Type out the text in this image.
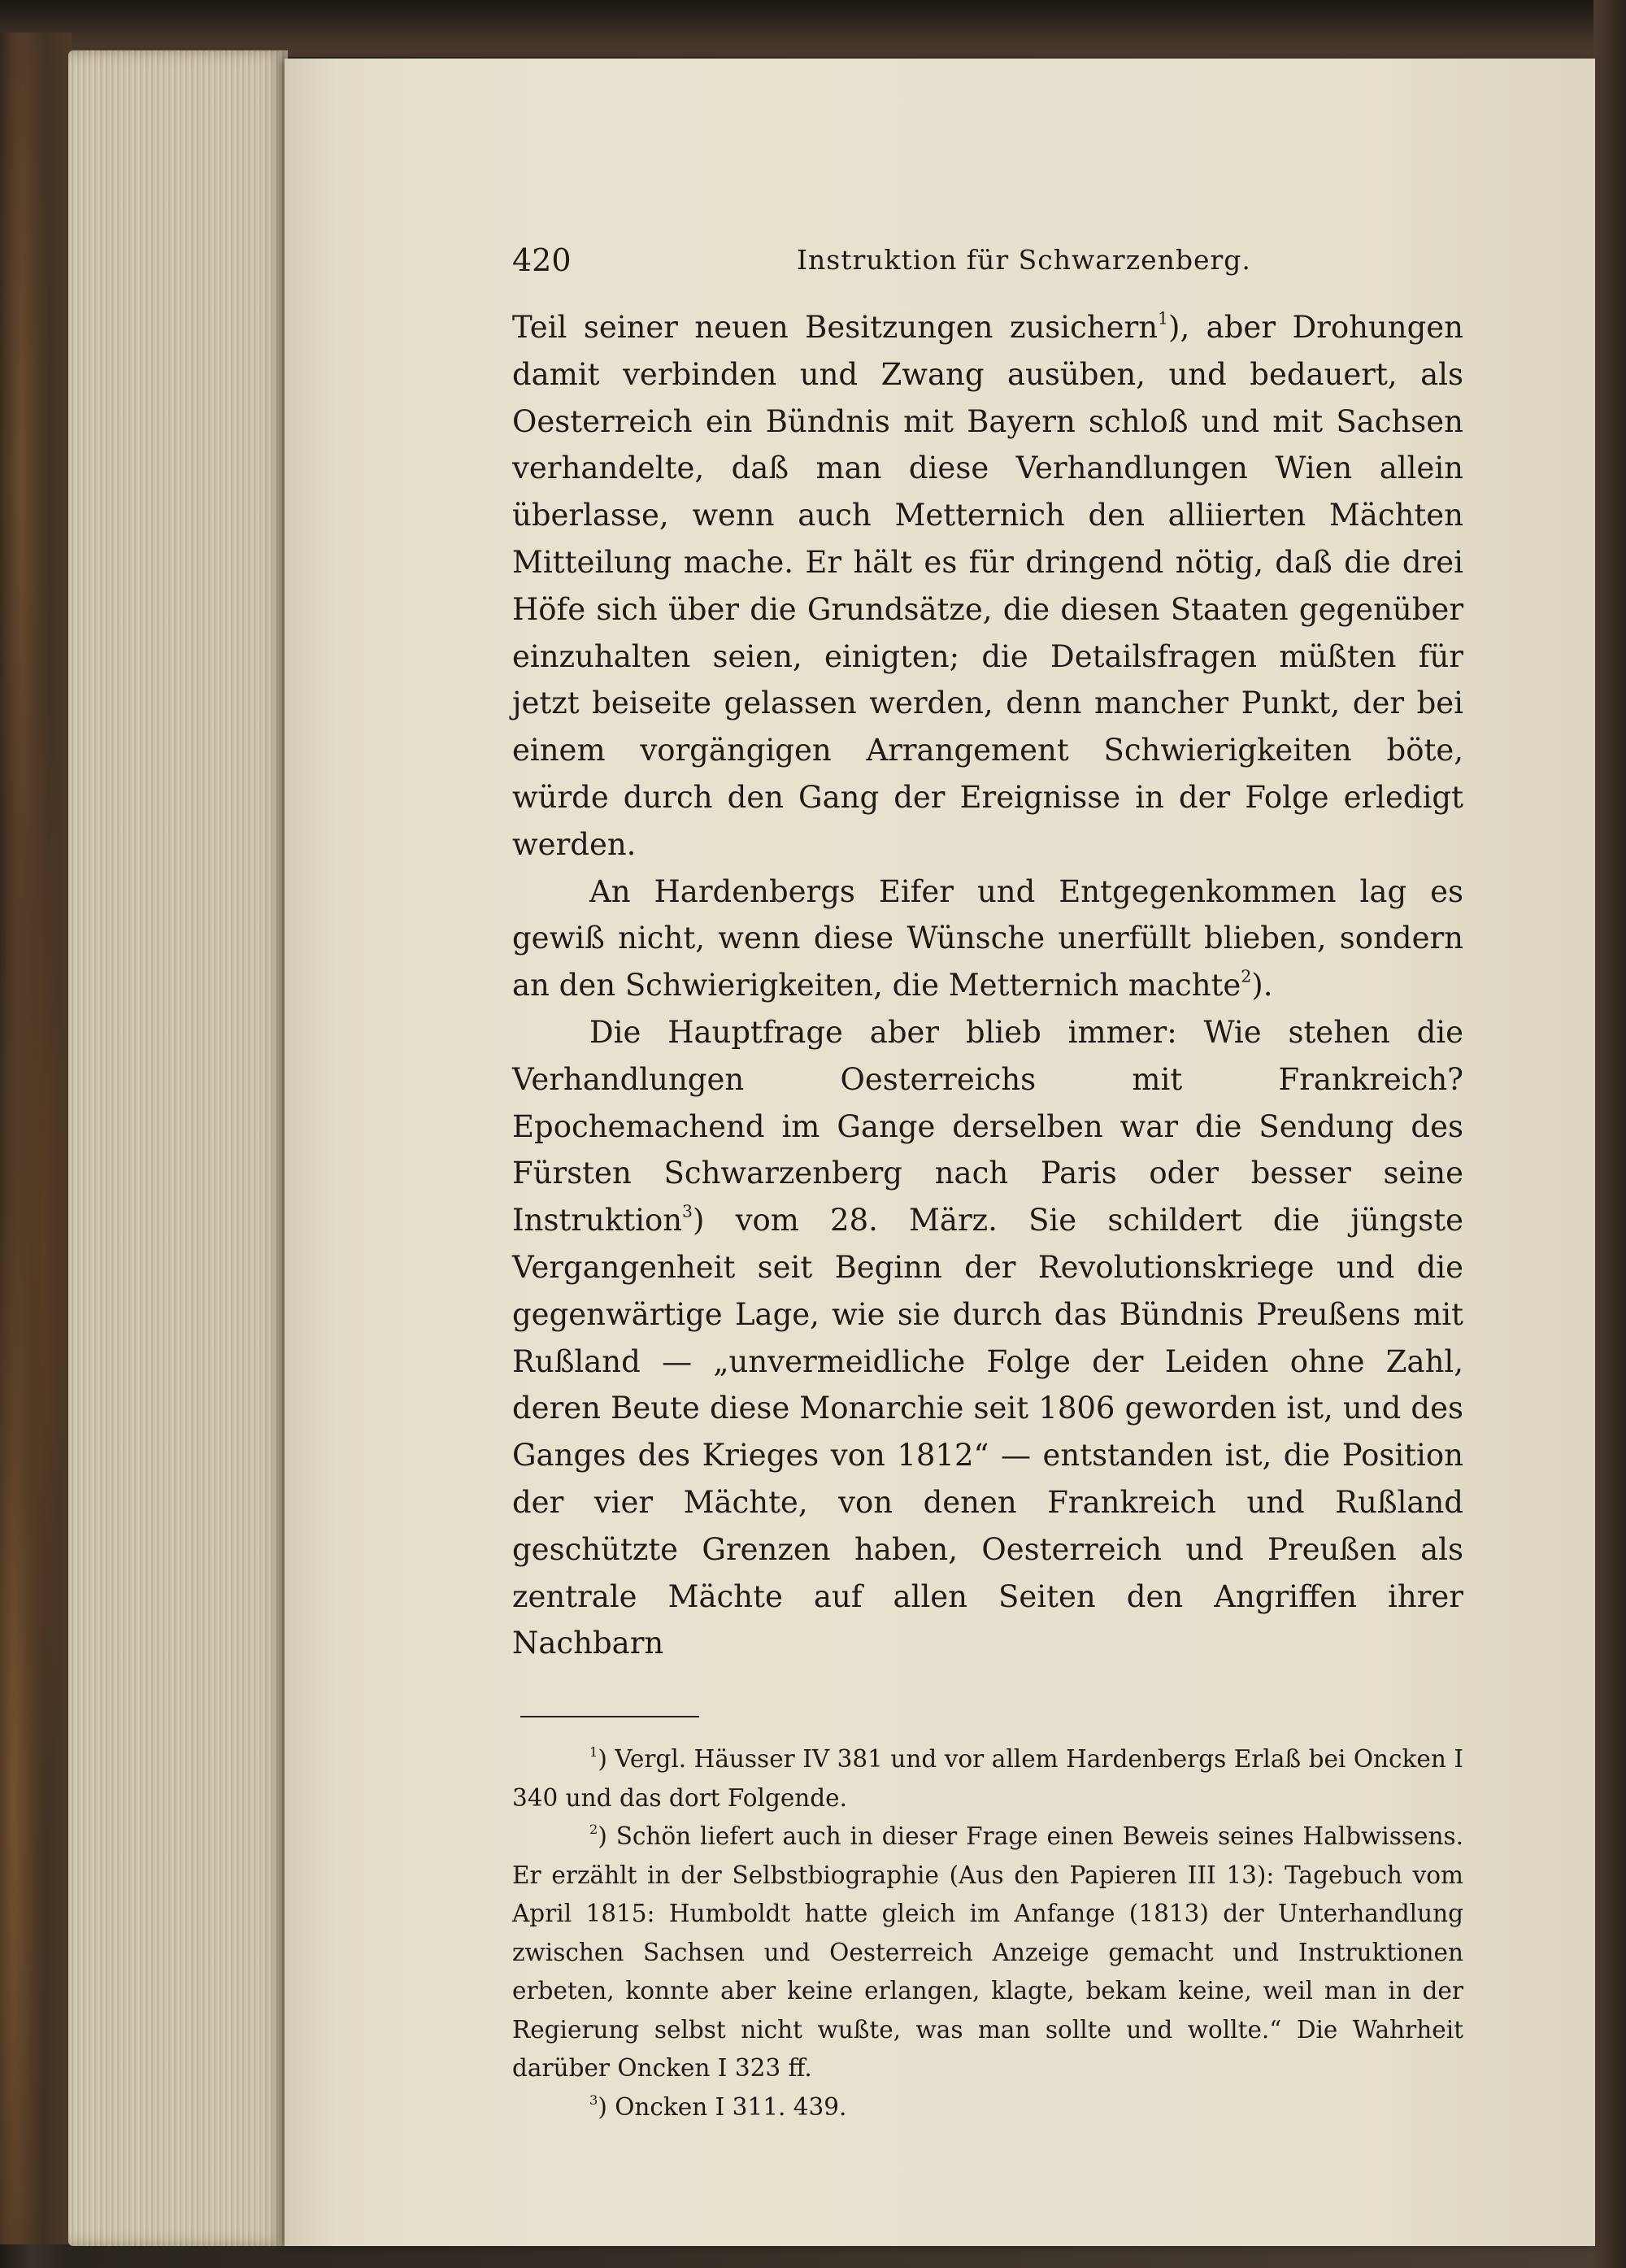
420	Instruktion für Schwarzenberg.

Teil seiner neuen Besitzungen zusichern$^1$), aber Drohungen damit verbinden und Zwang ausüben, und bedauert, als Oesterreich ein Bündnis mit Bayern schloß und mit Sachsen verhandelte, daß man diese Verhandlungen Wien allein überlasse, wenn auch Metternich den alliierten Mächten Mitteilung mache. Er hält es für dringend nötig, daß die drei Höfe sich über die Grundsätze, die diesen Staaten gegenüber einzuhalten seien, einigten; die Detailsfragen müßten für jetzt beiseite gelassen werden, denn mancher Punkt, der bei einem vorgängigen Arrangement Schwierigkeiten böte, würde durch den Gang der Ereignisse in der Folge erledigt werden.

An Hardenbergs Eifer und Entgegenkommen lag es gewiß nicht, wenn diese Wünsche unerfüllt blieben, sondern an den Schwierigkeiten, die Metternich machte$^2$).

Die Hauptfrage aber blieb immer: Wie stehen die Verhandlungen Oesterreichs mit Frankreich? Epochemachend im Gange derselben war die Sendung des Fürsten Schwarzenberg nach Paris oder besser seine Instruktion$^3$) vom 28. März. Sie schildert die jüngste Vergangenheit seit Beginn der Revolutionskriege und die gegenwärtige Lage, wie sie durch das Bündnis Preußens mit Rußland — „unvermeidliche Folge der Leiden ohne Zahl, deren Beute diese Monarchie seit 1806 geworden ist, und des Ganges des Krieges von 1812“ — entstanden ist, die Position der vier Mächte, von denen Frankreich und Rußland geschützte Grenzen haben, Oesterreich und Preußen als zentrale Mächte auf allen Seiten den Angriffen ihrer Nachbarn

$^1$) Vergl. Häusser IV 381 und vor allem Hardenbergs Erlaß bei Oncken I 340 und das dort Folgende.

$^2$) Schön liefert auch in dieser Frage einen Beweis seines Halbwissens. Er erzählt in der Selbstbiographie (Aus den Papieren III 13): Tagebuch vom April 1815: Humboldt hatte gleich im Anfange (1813) der Unterhandlung zwischen Sachsen und Oesterreich Anzeige gemacht und Instruktionen erbeten, konnte aber keine erlangen, klagte, bekam keine, weil man in der Regierung selbst nicht wußte, was man sollte und wollte.“ Die Wahrheit darüber Oncken I 323 ff.

$^3$) Oncken I 311. 439.
